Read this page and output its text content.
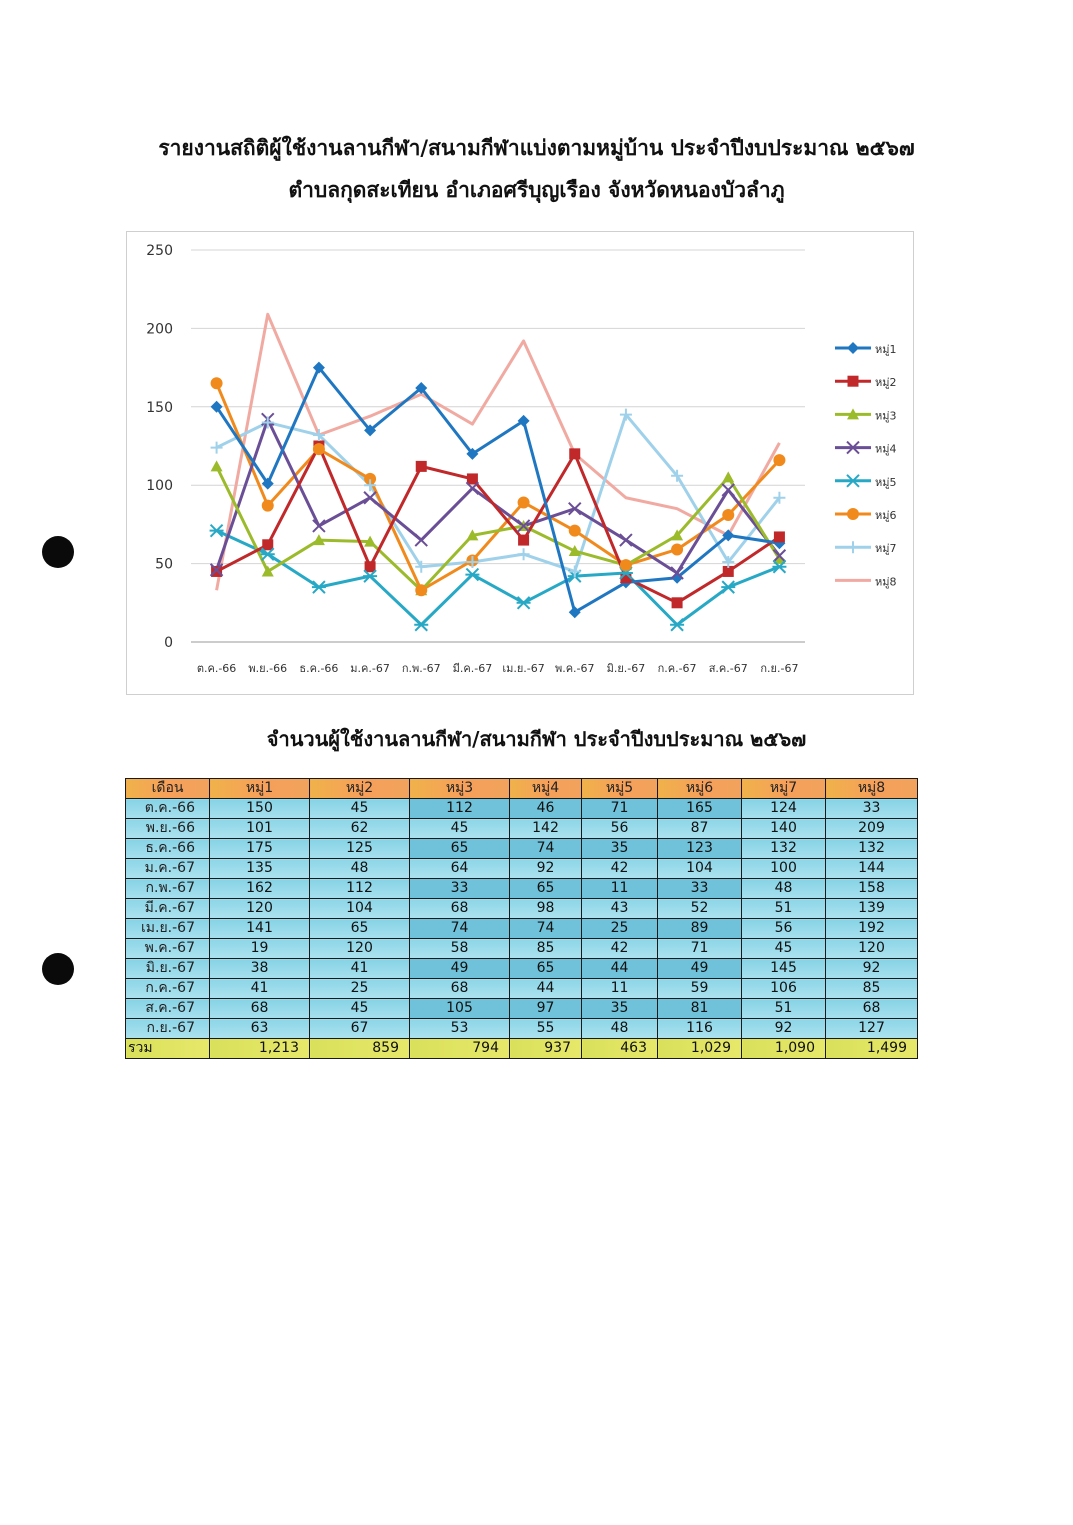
รายงานสถิติผู้ใช้งานลานกีฬา/สนามกีฬาแบ่งตามหมู่บ้าน ประจำปีงบประมาณ ๒๕๖๗
ตำบลกุดสะเทียน อำเภอศรีบุญเรือง จังหวัดหนองบัวลำภู
0
50
100
150
200
250
ต.ค.-66 พ.ย.-66 ธ.ค.-66 ม.ค.-67 ก.พ.-67 มี.ค.-67 เม.ย.-67 พ.ค.-67 มิ.ย.-67 ก.ค.-67 ส.ค.-67 ก.ย.-67
หมู่1
หมู่2
หมู่3
หมู่4
หมู่5
หมู่6
หมู่7
หมู่8
จำนวนผู้ใช้งานลานกีฬา/สนามกีฬา ประจำปีงบประมาณ ๒๕๖๗
เดือน	หมู่1	หมู่2	หมู่3	หมู่4	หมู่5	หมู่6	หมู่7	หมู่8
ต.ค.-66	150	45	112	46	71	165	124	33
พ.ย.-66	101	62	45	142	56	87	140	209
ธ.ค.-66	175	125	65	74	35	123	132	132
ม.ค.-67	135	48	64	92	42	104	100	144
ก.พ.-67	162	112	33	65	11	33	48	158
มี.ค.-67	120	104	68	98	43	52	51	139
เม.ย.-67	141	65	74	74	25	89	56	192
พ.ค.-67	19	120	58	85	42	71	45	120
มิ.ย.-67	38	41	49	65	44	49	145	92
ก.ค.-67	41	25	68	44	11	59	106	85
ส.ค.-67	68	45	105	97	35	81	51	68
ก.ย.-67	63	67	53	55	48	116	92	127
รวม	1,213	859	794	937	463	1,029	1,090	1,499
